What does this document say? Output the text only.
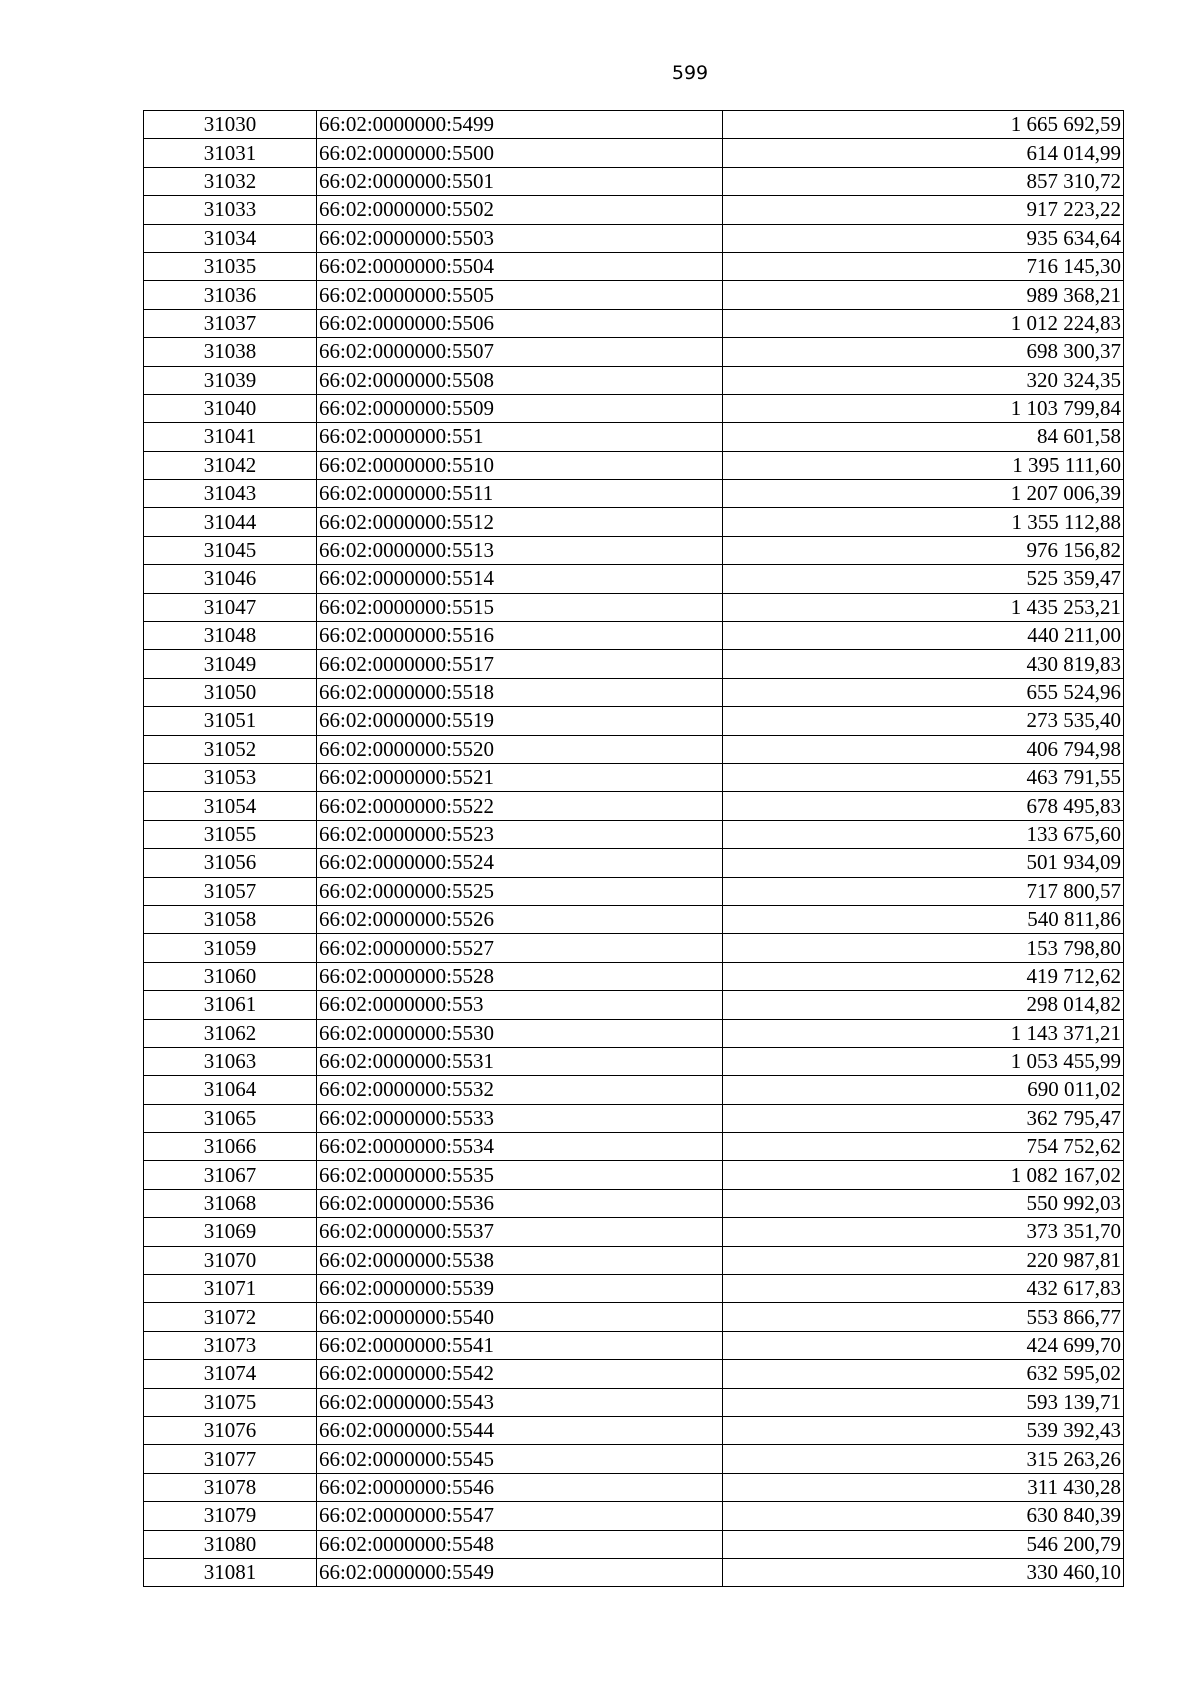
599
31030	66:02:0000000:5499	1 665 692,59
31031	66:02:0000000:5500	614 014,99
31032	66:02:0000000:5501	857 310,72
31033	66:02:0000000:5502	917 223,22
31034	66:02:0000000:5503	935 634,64
31035	66:02:0000000:5504	716 145,30
31036	66:02:0000000:5505	989 368,21
31037	66:02:0000000:5506	1 012 224,83
31038	66:02:0000000:5507	698 300,37
31039	66:02:0000000:5508	320 324,35
31040	66:02:0000000:5509	1 103 799,84
31041	66:02:0000000:551	84 601,58
31042	66:02:0000000:5510	1 395 111,60
31043	66:02:0000000:5511	1 207 006,39
31044	66:02:0000000:5512	1 355 112,88
31045	66:02:0000000:5513	976 156,82
31046	66:02:0000000:5514	525 359,47
31047	66:02:0000000:5515	1 435 253,21
31048	66:02:0000000:5516	440 211,00
31049	66:02:0000000:5517	430 819,83
31050	66:02:0000000:5518	655 524,96
31051	66:02:0000000:5519	273 535,40
31052	66:02:0000000:5520	406 794,98
31053	66:02:0000000:5521	463 791,55
31054	66:02:0000000:5522	678 495,83
31055	66:02:0000000:5523	133 675,60
31056	66:02:0000000:5524	501 934,09
31057	66:02:0000000:5525	717 800,57
31058	66:02:0000000:5526	540 811,86
31059	66:02:0000000:5527	153 798,80
31060	66:02:0000000:5528	419 712,62
31061	66:02:0000000:553	298 014,82
31062	66:02:0000000:5530	1 143 371,21
31063	66:02:0000000:5531	1 053 455,99
31064	66:02:0000000:5532	690 011,02
31065	66:02:0000000:5533	362 795,47
31066	66:02:0000000:5534	754 752,62
31067	66:02:0000000:5535	1 082 167,02
31068	66:02:0000000:5536	550 992,03
31069	66:02:0000000:5537	373 351,70
31070	66:02:0000000:5538	220 987,81
31071	66:02:0000000:5539	432 617,83
31072	66:02:0000000:5540	553 866,77
31073	66:02:0000000:5541	424 699,70
31074	66:02:0000000:5542	632 595,02
31075	66:02:0000000:5543	593 139,71
31076	66:02:0000000:5544	539 392,43
31077	66:02:0000000:5545	315 263,26
31078	66:02:0000000:5546	311 430,28
31079	66:02:0000000:5547	630 840,39
31080	66:02:0000000:5548	546 200,79
31081	66:02:0000000:5549	330 460,10
